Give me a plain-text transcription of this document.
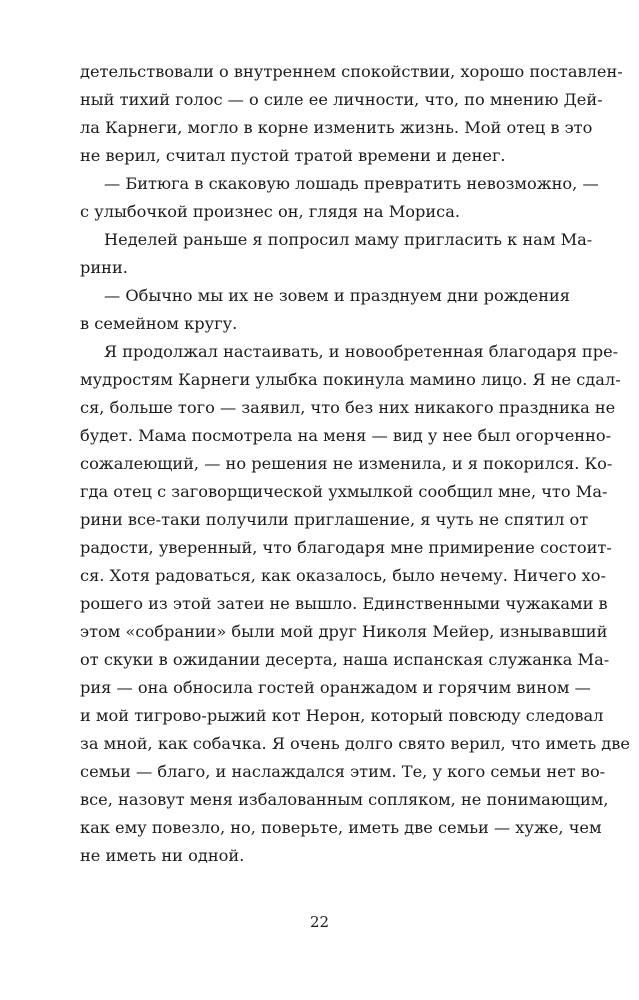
детельствовали о внутреннем спокойствии, хорошо поставлен-
ный тихий голос — о силе ее личности, что, по мнению Дей-
ла Карнеги, могло в корне изменить жизнь. Мой отец в это
не верил, считал пустой тратой времени и денег.
— Битюга в скаковую лошадь превратить невозможно, —
с улыбочкой произнес он, глядя на Мориса.
Неделей раньше я попросил маму пригласить к нам Ма-
рини.
— Обычно мы их не зовем и празднуем дни рождения
в семейном кругу.
Я продолжал настаивать, и новообретенная благодаря пре-
мудростям Карнеги улыбка покинула мамино лицо. Я не сдал-
ся, больше того — заявил, что без них никакого праздника не
будет. Мама посмотрела на меня — вид у нее был огорченно-
сожалеющий, — но решения не изменила, и я покорился. Ко-
гда отец с заговорщической ухмылкой сообщил мне, что Ма-
рини все-таки получили приглашение, я чуть не спятил от
радости, уверенный, что благодаря мне примирение состоит-
ся. Хотя радоваться, как оказалось, было нечему. Ничего хо-
рошего из этой затеи не вышло. Единственными чужаками в
этом «собрании» были мой друг Николя Мейер, изнывавший
от скуки в ожидании десерта, наша испанская служанка Ма-
рия — она обносила гостей оранжадом и горячим вином —
и мой тигрово-рыжий кот Нерон, который повсюду следовал
за мной, как собачка. Я очень долго свято верил, что иметь две
семьи — благо, и наслаждался этим. Те, у кого семьи нет во-
все, назовут меня избалованным сопляком, не понимающим,
как ему повезло, но, поверьте, иметь две семьи — хуже, чем
не иметь ни одной.
22
